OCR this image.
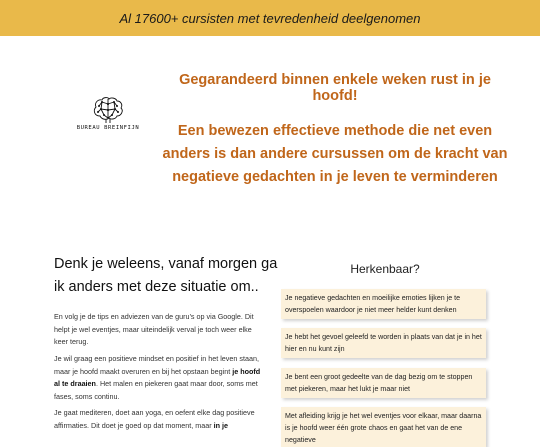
Al 17600+ cursisten met tevredenheid deelgenomen
BUREAU BREINFIJN

Gegarandeerd binnen enkele weken rust in je hoofd!

Een bewezen effectieve methode die net even anders is dan andere cursussen om de kracht van negatieve gedachten in je leven te verminderen

Denk je weleens, vanaf morgen ga ik anders met deze situatie om..
En volg je de tips en adviezen van de guru’s op via Google. Dit helpt je wel eventjes, maar uiteindelijk verval je toch weer elke keer terug.
Je wil graag een positieve mindset en positief in het leven staan, maar je hoofd maakt overuren en bij het opstaan begint je hoofd al te draaien. Het malen en piekeren gaat maar door, soms met fases, soms continu.
Je gaat mediteren, doet aan yoga, en oefent elke dag positieve affirmaties. Dit doet je goed op dat moment, maar in je
Herkenbaar?
Je negatieve gedachten en moeilijke emoties lijken je te overspoelen waardoor je niet meer helder kunt denken
Je hebt het gevoel geleefd te worden in plaats van dat je in het hier en nu kunt zijn
Je bent een groot gedeelte van de dag bezig om te stoppen met piekeren, maar het lukt je maar niet
Met afleiding krijg je het wel eventjes voor elkaar, maar daarna is je hoofd weer één grote chaos en gaat het van de ene negatieve
